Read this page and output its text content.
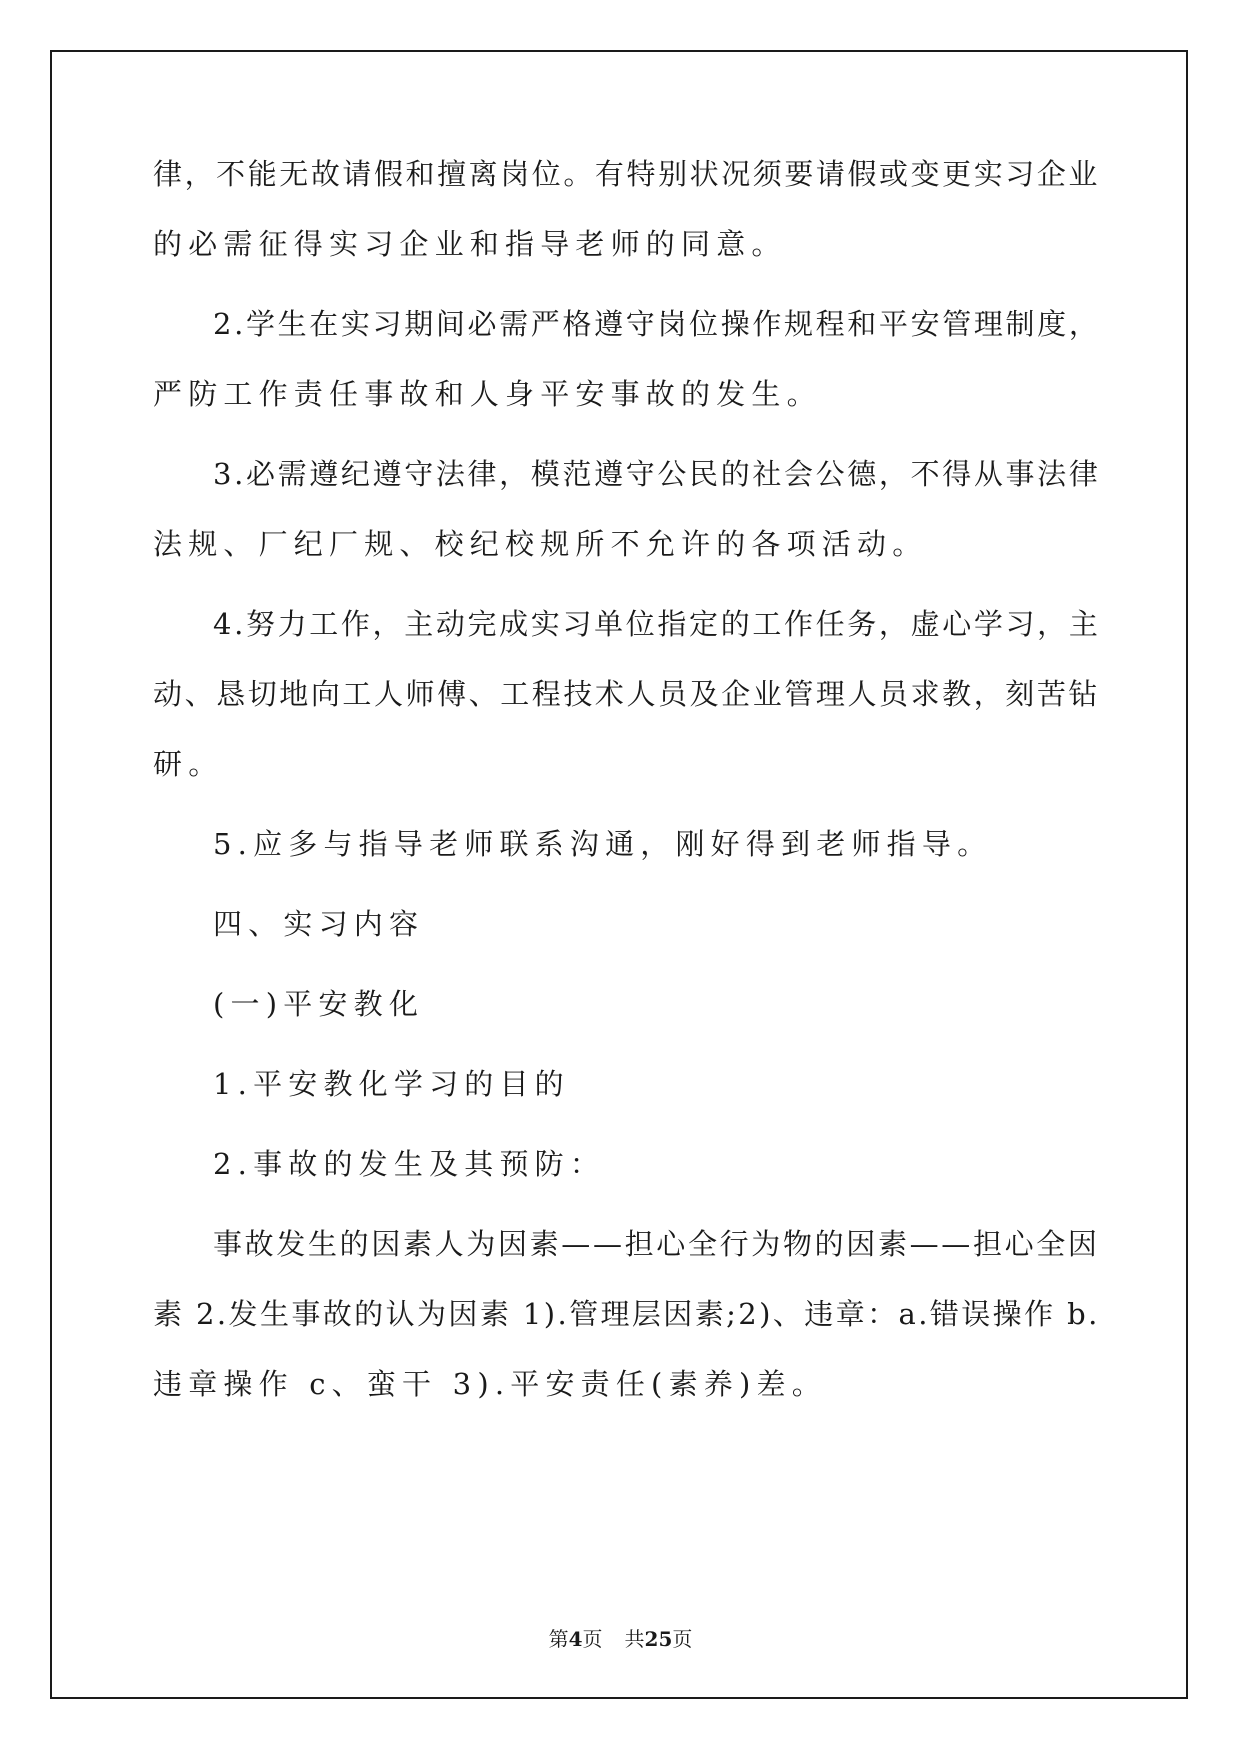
律，不能无故请假和擅离岗位。有特别状况须要请假或变更实习企业

的必需征得实习企业和指导老师的同意。

2.学生在实习期间必需严格遵守岗位操作规程和平安管理制度，

严防工作责任事故和人身平安事故的发生。

3.必需遵纪遵守法律，模范遵守公民的社会公德，不得从事法律

法规、厂纪厂规、校纪校规所不允许的各项活动。

4.努力工作，主动完成实习单位指定的工作任务，虚心学习，主

动、恳切地向工人师傅、工程技术人员及企业管理人员求教，刻苦钻

研。

5.应多与指导老师联系沟通，刚好得到老师指导。

四、实习内容

(一)平安教化

1.平安教化学习的目的

2.事故的发生及其预防：

事故发生的因素人为因素——担心全行为物的因素——担心全因

素 2.发生事故的认为因素 1).管理层因素;2)、违章：a.错误操作 b.

违章操作 c、蛮干 3).平安责任(素养)差。

第4页 共25页
